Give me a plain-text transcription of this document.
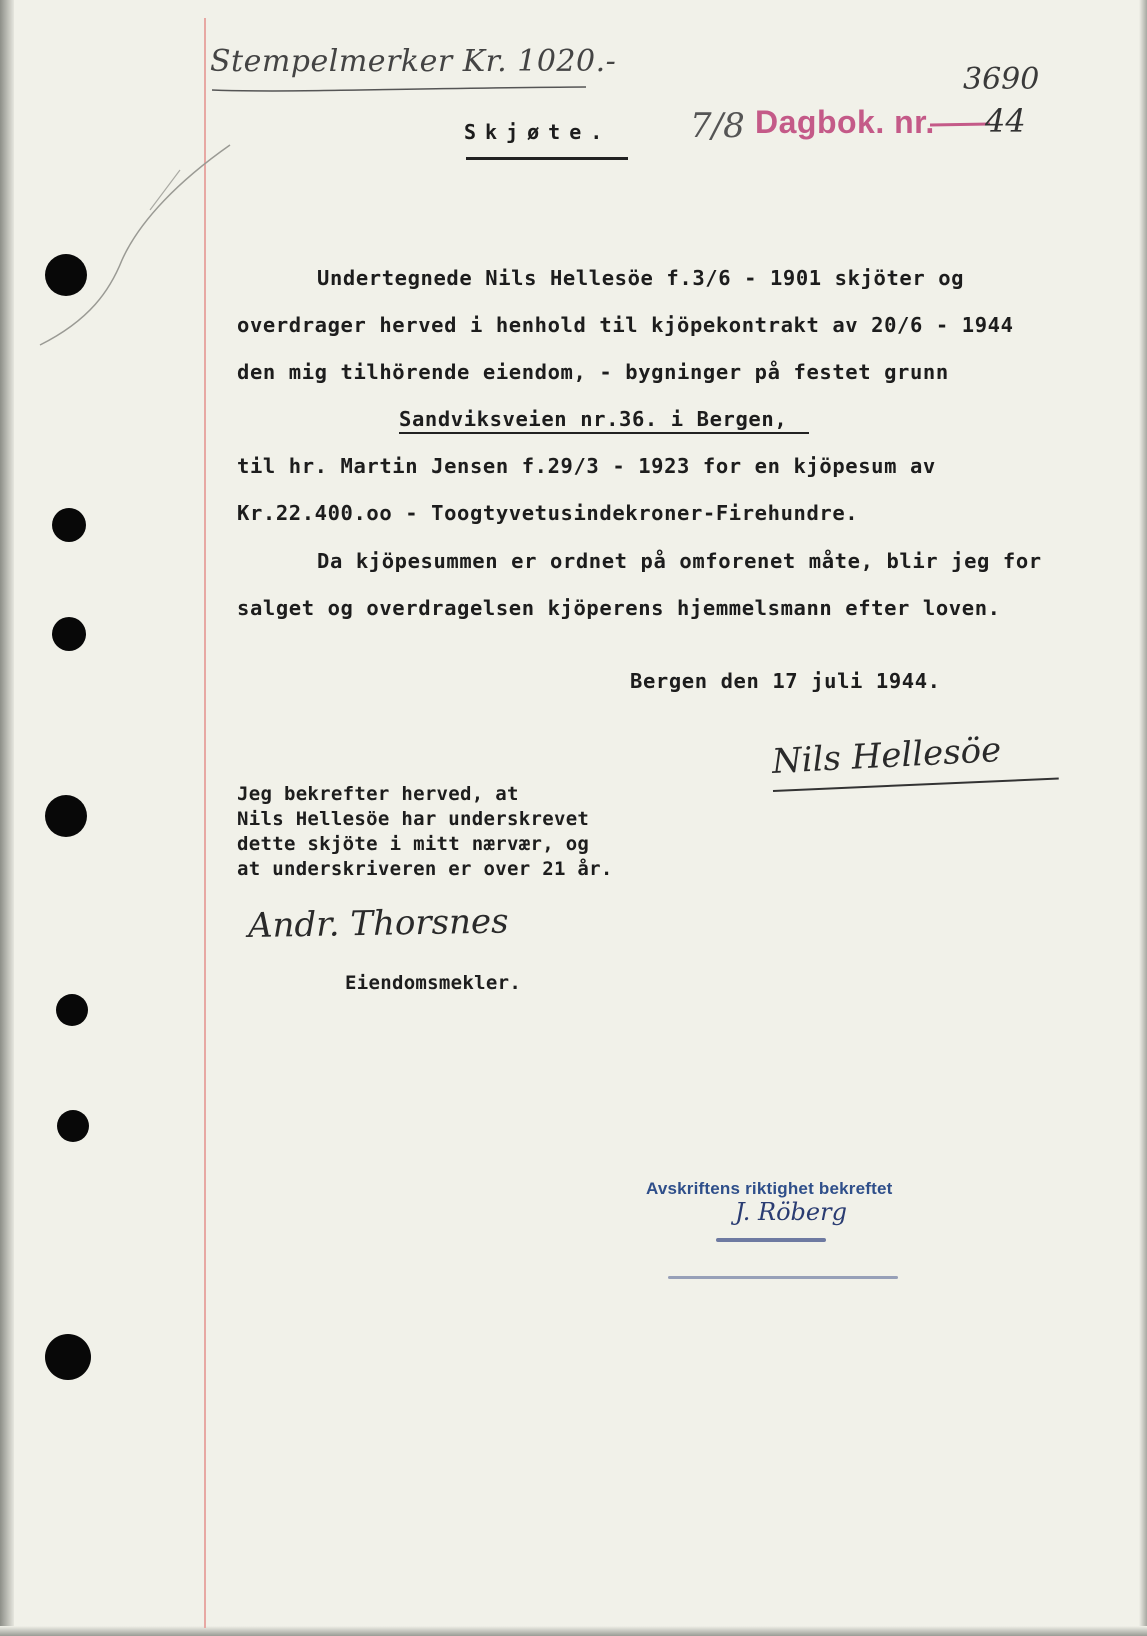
Stempelmerker Kr. 1020.-
3690
7/8 Dagbok. nr. 44
Skjøte.
Undertegnede Nils Hellesöe f.3/6 - 1901 skjöter og
overdrager herved i henhold til kjöpekontrakt av 20/6 - 1944
den mig tilhörende eiendom, - bygninger på festet grunn
Sandviksveien nr.36. i Bergen,
til hr. Martin Jensen f.29/3 - 1923 for en kjöpesum av
Kr.22.400.oo - Toogtyvetusindekroner-Firehundre.
Da kjöpesummen er ordnet på omforenet måte, blir jeg for
salget og overdragelsen kjöperens hjemmelsmann efter loven.
Bergen den 17 juli 1944.
Nils Hellesöe
Jeg bekrefter herved, at
Nils Hellesöe har underskrevet
dette skjöte i mitt nærvær, og
at underskriveren er over 21 år.
Andr. Thorsnes
Eiendomsmekler.
Avskriftens riktighet bekreftet
J. Röberg
